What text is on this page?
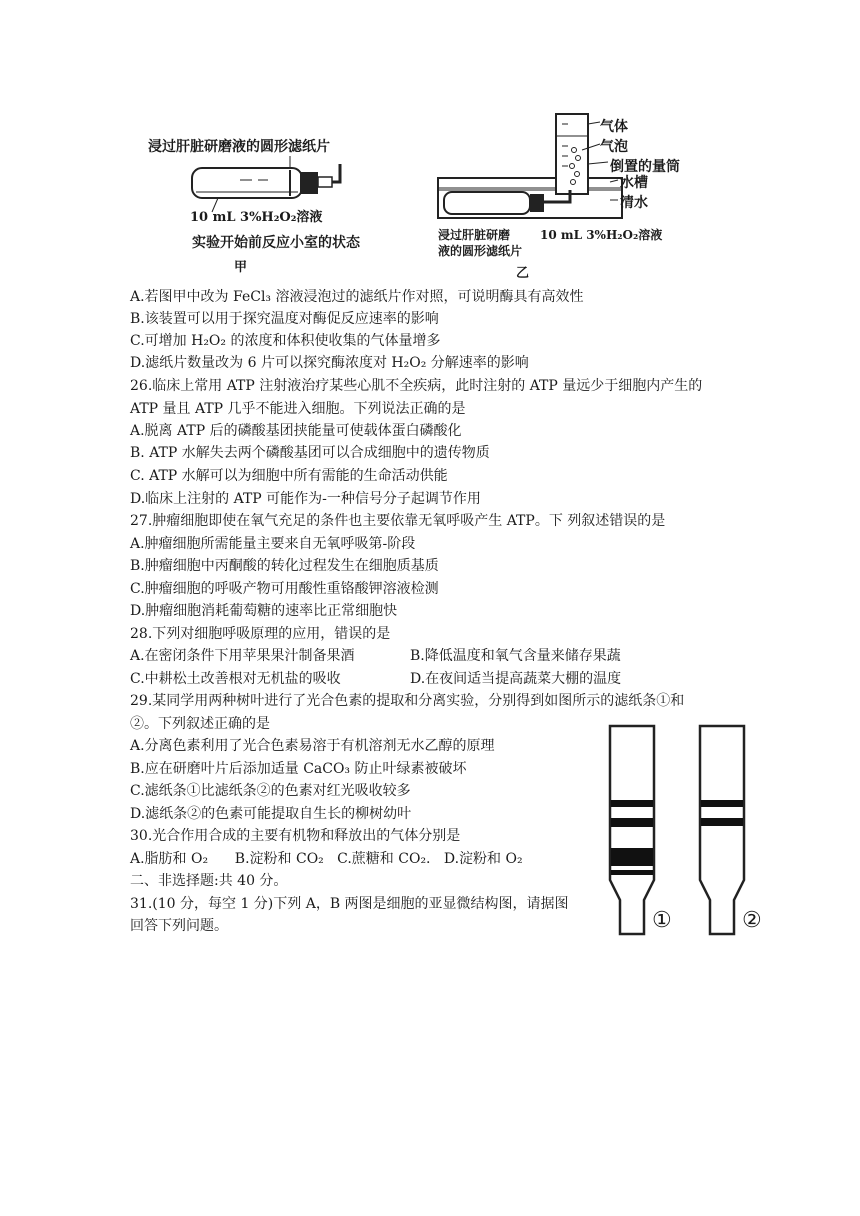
浸过肝脏研磨液的圆形滤纸片
10 mL 3%H₂O₂溶液
实验开始前反应小室的状态
甲
气体
气泡
倒置的量筒
水槽
清水
浸过肝脏研磨
液的圆形滤纸片
10 mL 3%H₂O₂溶液
乙
A.若图甲中改为 FeCl₃ 溶液浸泡过的滤纸片作对照，可说明酶具有高效性
B.该装置可以用于探究温度对酶促反应速率的影响
C.可增加 H₂O₂ 的浓度和体积使收集的气体量增多
D.滤纸片数量改为 6 片可以探究酶浓度对 H₂O₂ 分解速率的影响
26.临床上常用 ATP 注射液治疗某些心肌不全疾病，此时注射的 ATP 量远少于细胞内产生的
ATP 量且 ATP 几乎不能进入细胞。下列说法正确的是
A.脱离 ATP 后的磷酸基团挟能量可使载体蛋白磷酸化
B. ATP 水解失去两个磷酸基团可以合成细胞中的遗传物质
C. ATP 水解可以为细胞中所有需能的生命活动供能
D.临床上注射的 ATP 可能作为-一种信号分子起调节作用
27.肿瘤细胞即使在氧气充足的条件也主要依靠无氧呼吸产生 ATP。下 列叙述错误的是
A.肿瘤细胞所需能量主要来自无氧呼吸第-阶段
B.肿瘤细胞中丙酮酸的转化过程发生在细胞质基质
C.肿瘤细胞的呼吸产物可用酸性重铬酸钾溶液检测
D.肿瘤细胞消耗葡萄糖的速率比正常细胞快
28.下列对细胞呼吸原理的应用，错误的是
A.在密闭条件下用苹果果汁制备果酒	B.降低温度和氧气含量来储存果蔬
C.中耕松土改善根对无机盐的吸收	D.在夜间适当提高蔬菜大棚的温度
29.某同学用两种树叶进行了光合色素的提取和分离实验，分别得到如图所示的滤纸条①和
②。下列叙述正确的是
A.分离色素利用了光合色素易溶于有机溶剂无水乙醇的原理
B.应在研磨叶片后添加适量 CaCO₃ 防止叶绿素被破坏
C.滤纸条①比滤纸条②的色素对红光吸收较多
D.滤纸条②的色素可能提取自生长的柳树幼叶
30.光合作用合成的主要有机物和释放出的气体分别是
A.脂肪和 O₂      B.淀粉和 CO₂   C.蔗糖和 CO₂.   D.淀粉和 O₂
二、非选择题:共 40 分。
31.(10 分，每空 1 分)下列 A，B 两图是细胞的亚显微结构图，请据图
回答下列问题。	①	②
